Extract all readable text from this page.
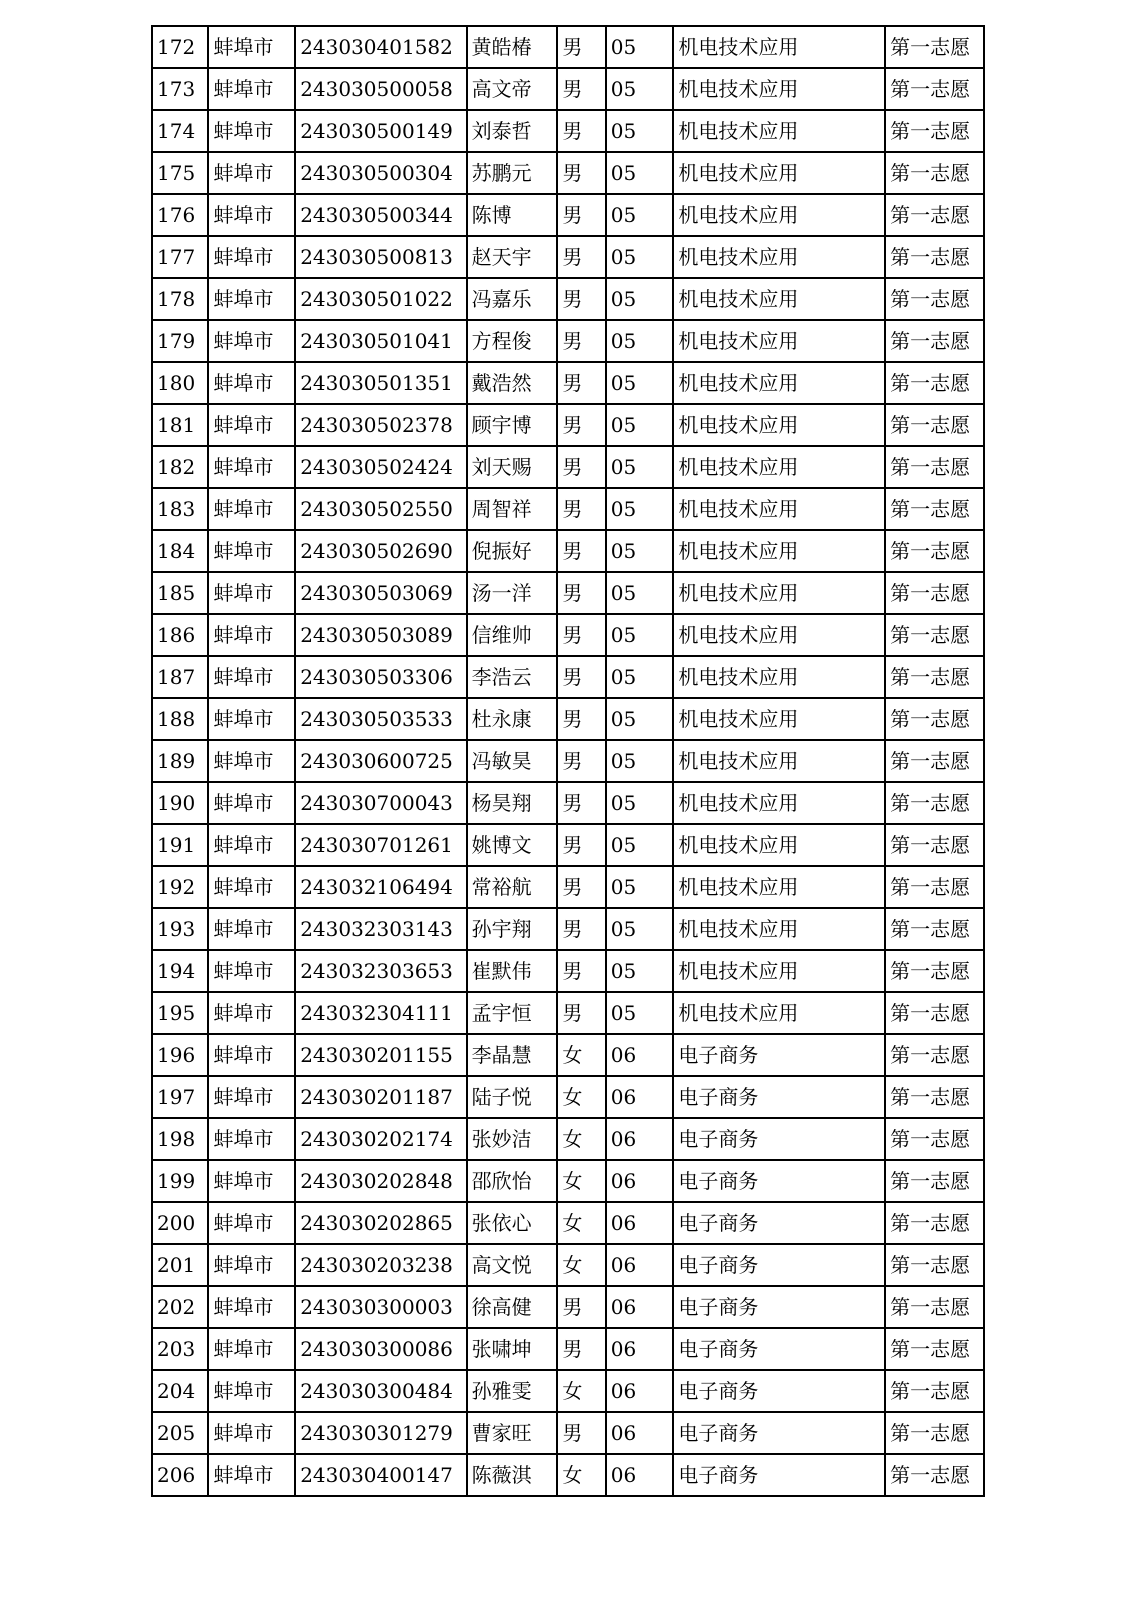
172	蚌埠市	243030401582	黄皓椿	男	05	机电技术应用	第一志愿
173	蚌埠市	243030500058	高文帝	男	05	机电技术应用	第一志愿
174	蚌埠市	243030500149	刘泰哲	男	05	机电技术应用	第一志愿
175	蚌埠市	243030500304	苏鹏元	男	05	机电技术应用	第一志愿
176	蚌埠市	243030500344	陈博	男	05	机电技术应用	第一志愿
177	蚌埠市	243030500813	赵天宇	男	05	机电技术应用	第一志愿
178	蚌埠市	243030501022	冯嘉乐	男	05	机电技术应用	第一志愿
179	蚌埠市	243030501041	方程俊	男	05	机电技术应用	第一志愿
180	蚌埠市	243030501351	戴浩然	男	05	机电技术应用	第一志愿
181	蚌埠市	243030502378	顾宇博	男	05	机电技术应用	第一志愿
182	蚌埠市	243030502424	刘天赐	男	05	机电技术应用	第一志愿
183	蚌埠市	243030502550	周智祥	男	05	机电技术应用	第一志愿
184	蚌埠市	243030502690	倪振好	男	05	机电技术应用	第一志愿
185	蚌埠市	243030503069	汤一洋	男	05	机电技术应用	第一志愿
186	蚌埠市	243030503089	信维帅	男	05	机电技术应用	第一志愿
187	蚌埠市	243030503306	李浩云	男	05	机电技术应用	第一志愿
188	蚌埠市	243030503533	杜永康	男	05	机电技术应用	第一志愿
189	蚌埠市	243030600725	冯敏昊	男	05	机电技术应用	第一志愿
190	蚌埠市	243030700043	杨昊翔	男	05	机电技术应用	第一志愿
191	蚌埠市	243030701261	姚博文	男	05	机电技术应用	第一志愿
192	蚌埠市	243032106494	常裕航	男	05	机电技术应用	第一志愿
193	蚌埠市	243032303143	孙宇翔	男	05	机电技术应用	第一志愿
194	蚌埠市	243032303653	崔默伟	男	05	机电技术应用	第一志愿
195	蚌埠市	243032304111	孟宇恒	男	05	机电技术应用	第一志愿
196	蚌埠市	243030201155	李晶慧	女	06	电子商务	第一志愿
197	蚌埠市	243030201187	陆子悦	女	06	电子商务	第一志愿
198	蚌埠市	243030202174	张妙洁	女	06	电子商务	第一志愿
199	蚌埠市	243030202848	邵欣怡	女	06	电子商务	第一志愿
200	蚌埠市	243030202865	张依心	女	06	电子商务	第一志愿
201	蚌埠市	243030203238	高文悦	女	06	电子商务	第一志愿
202	蚌埠市	243030300003	徐高健	男	06	电子商务	第一志愿
203	蚌埠市	243030300086	张啸坤	男	06	电子商务	第一志愿
204	蚌埠市	243030300484	孙雅雯	女	06	电子商务	第一志愿
205	蚌埠市	243030301279	曹家旺	男	06	电子商务	第一志愿
206	蚌埠市	243030400147	陈薇淇	女	06	电子商务	第一志愿
